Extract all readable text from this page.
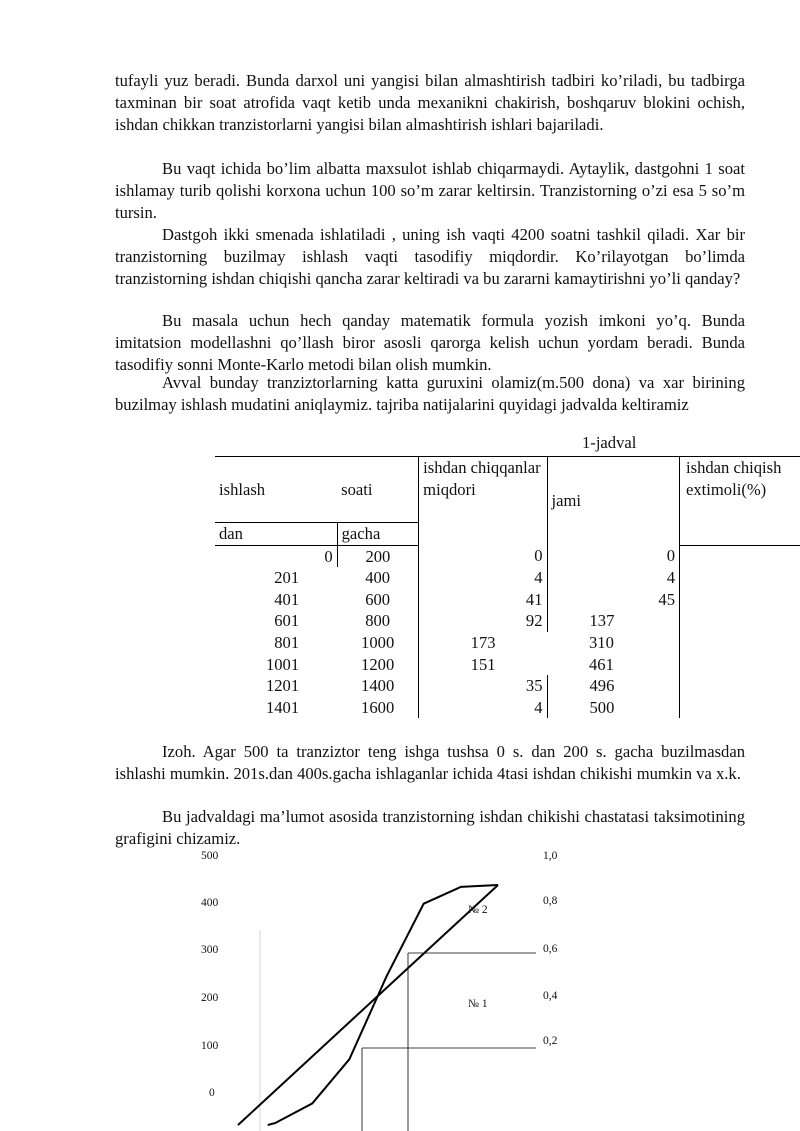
tufayli yuz beradi. Bunda darxol uni yangisi bilan almashtirish tadbiri ko’riladi, bu tadbirga taxminan bir soat atrofida vaqt ketib unda mexanikni chakirish, boshqaruv blokini ochish, ishdan chikkan tranzistorlarni yangisi bilan almashtirish ishlari bajariladi.

Bu vaqt ichida bo’lim albatta maxsulot ishlab chiqarmaydi. Aytaylik, dastgohni 1 soat ishlamay turib qolishi korxona uchun 100 so’m zarar keltirsin. Tranzistorning o’zi esa 5 so’m tursin.

Dastgoh ikki smenada ishlatiladi , uning ish vaqti 4200 soatni tashkil qiladi. Xar bir tranzistorning buzilmay ishlash vaqti tasodifiy miqdordir. Ko’rilayotgan bo’limda tranzistorning ishdan chiqishi qancha zarar keltiradi va bu zararni kamaytirishni yo’li qanday?

Bu masala uchun hech qanday matematik formula yozish imkoni yo’q. Bunda imitatsion modellashni qo’llash biror asosli qarorga kelish uchun yordam beradi. Bunda tasodifiy sonni Monte-Karlo metodi bilan olish mumkin.

Avval bunday tranziztorlarning katta guruxini olamiz(m.500 dona) va xar birining buzilmay ishlash mudatini aniqlaymiz. tajriba natijalarini quyidagi jadvalda keltiramiz

1-jadval
ishlash	soati	ishdan chiqqanlar miqdori	jami	ishdan chiqish extimoli(%)
dan	gacha			
0	200	0	0	
201	400	4	4	
401	600	41	45	
601	800	92	137	
801	1000	173	310	
1001	1200	151	461	
1201	1400	35	496	
1401	1600	4	500	

Izoh. Agar 500 ta tranziztor teng ishga tushsa 0 s. dan 200 s. gacha buzilmasdan ishlashi mumkin. 201s.dan 400s.gacha ishlaganlar ichida 4tasi ishdan chikishi mumkin va x.k.

Bu jadvaldagi ma’lumot asosida tranzistorning ishdan chikishi chastatasi taksimotining grafigini chizamiz.

500
400
300
200
100
0
1,0
0,8
0,6
0,4
0,2
№ 1
№ 2
